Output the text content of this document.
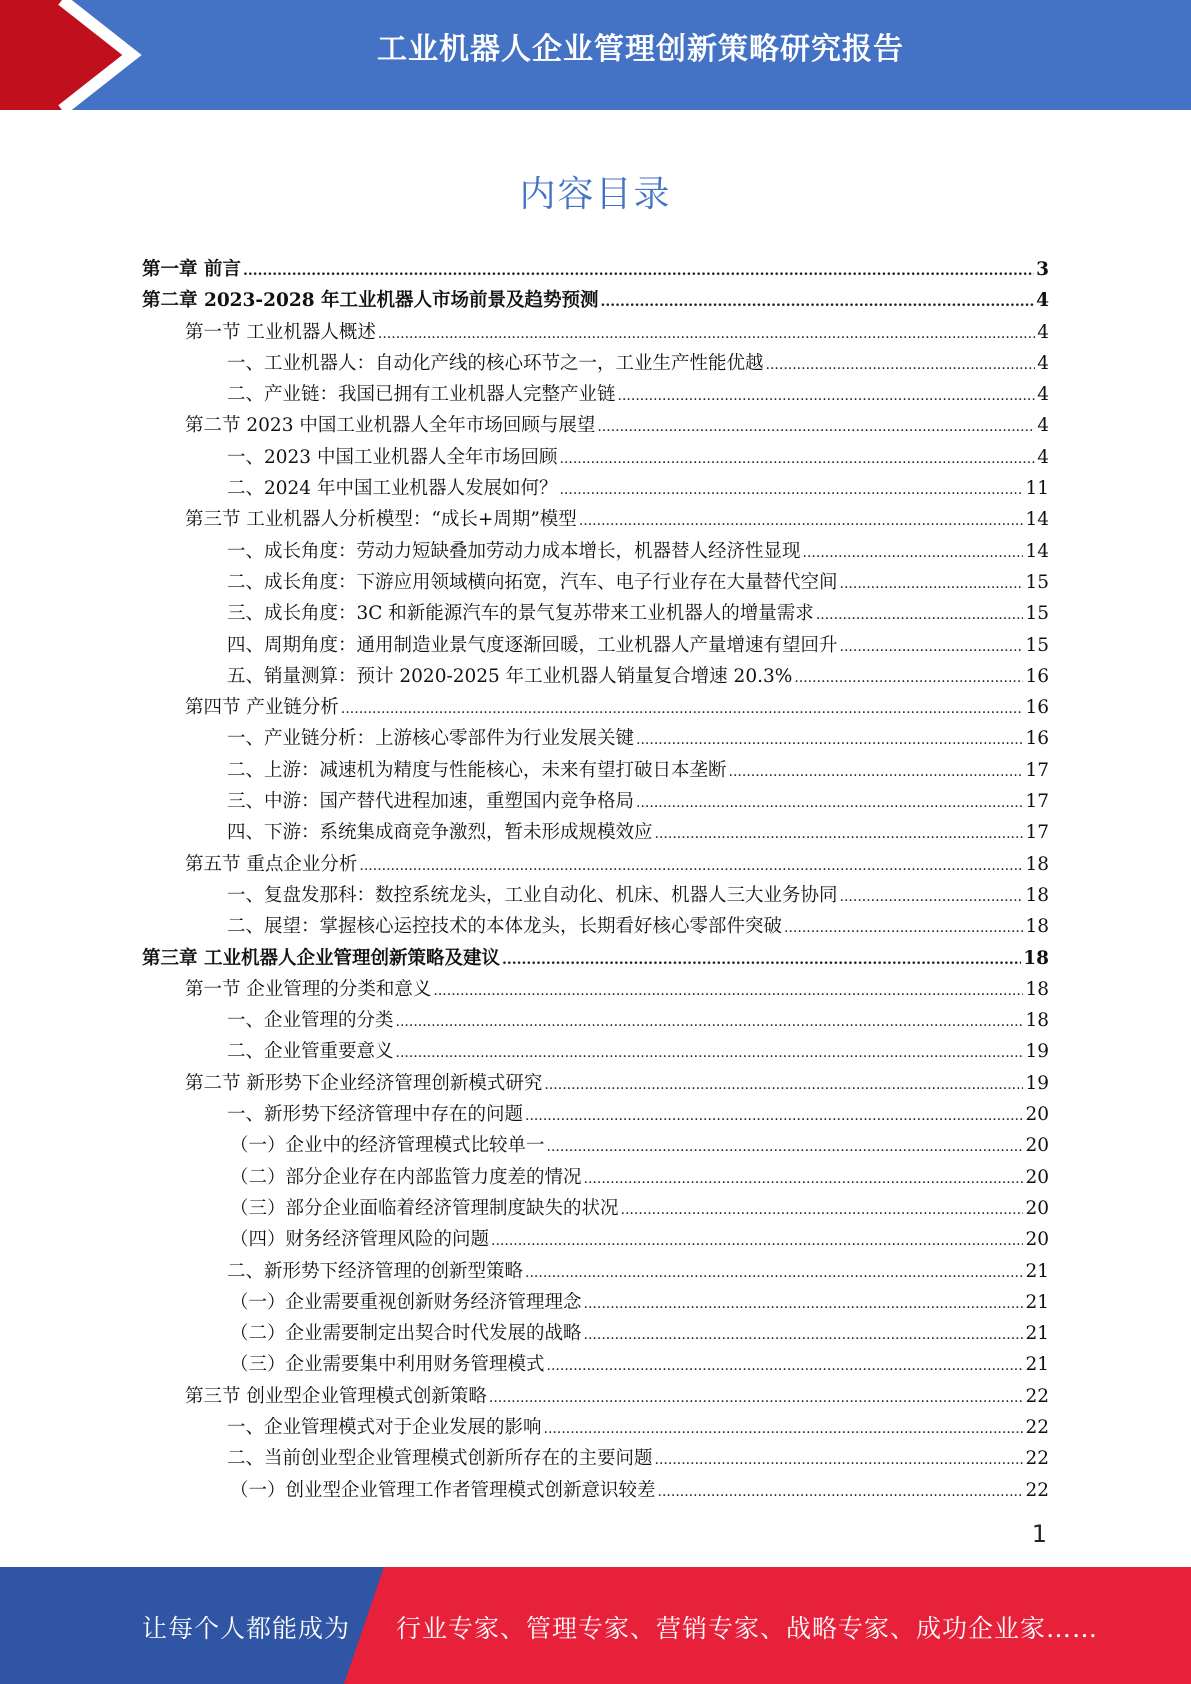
工业机器人企业管理创新策略研究报告
内容目录
第一章 前言 .....	3
第二章 2023-2028 年工业机器人市场前景及趋势预测 .....	4
第一节 工业机器人概述 .....	4
一、工业机器人：自动化产线的核心环节之一，工业生产性能优越 .....	4
二、产业链：我国已拥有工业机器人完整产业链 .....	4
第二节 2023 中国工业机器人全年市场回顾与展望 .....	4
一、2023 中国工业机器人全年市场回顾 .....	4
二、2024 年中国工业机器人发展如何？ .....	11
第三节 工业机器人分析模型：“成长+周期”模型 .....	14
一、成长角度：劳动力短缺叠加劳动力成本增长，机器替人经济性显现 .....	14
二、成长角度：下游应用领域横向拓宽，汽车、电子行业存在大量替代空间 .....	15
三、成长角度：3C 和新能源汽车的景气复苏带来工业机器人的增量需求 .....	15
四、周期角度：通用制造业景气度逐渐回暖，工业机器人产量增速有望回升 .....	15
五、销量测算：预计 2020-2025 年工业机器人销量复合增速 20.3% .....	16
第四节 产业链分析 .....	16
一、产业链分析：上游核心零部件为行业发展关键 .....	16
二、上游：减速机为精度与性能核心，未来有望打破日本垄断 .....	17
三、中游：国产替代进程加速，重塑国内竞争格局 .....	17
四、下游：系统集成商竞争激烈，暂未形成规模效应 .....	17
第五节 重点企业分析 .....	18
一、复盘发那科：数控系统龙头，工业自动化、机床、机器人三大业务协同 .....	18
二、展望：掌握核心运控技术的本体龙头，长期看好核心零部件突破 .....	18
第三章 工业机器人企业管理创新策略及建议 .....	18
第一节 企业管理的分类和意义 .....	18
一、企业管理的分类 .....	18
二、企业管重要意义 .....	19
第二节 新形势下企业经济管理创新模式研究 .....	19
一、新形势下经济管理中存在的问题 .....	20
（一）企业中的经济管理模式比较单一 .....	20
（二）部分企业存在内部监管力度差的情况 .....	20
（三）部分企业面临着经济管理制度缺失的状况 .....	20
（四）财务经济管理风险的问题 .....	20
二、新形势下经济管理的创新型策略 .....	21
（一）企业需要重视创新财务经济管理理念 .....	21
（二）企业需要制定出契合时代发展的战略 .....	21
（三）企业需要集中利用财务管理模式 .....	21
第三节 创业型企业管理模式创新策略 .....	22
一、企业管理模式对于企业发展的影响 .....	22
二、当前创业型企业管理模式创新所存在的主要问题 .....	22
（一）创业型企业管理工作者管理模式创新意识较差 .....	22
1
让每个人都能成为 行业专家、管理专家、营销专家、战略专家、成功企业家……
